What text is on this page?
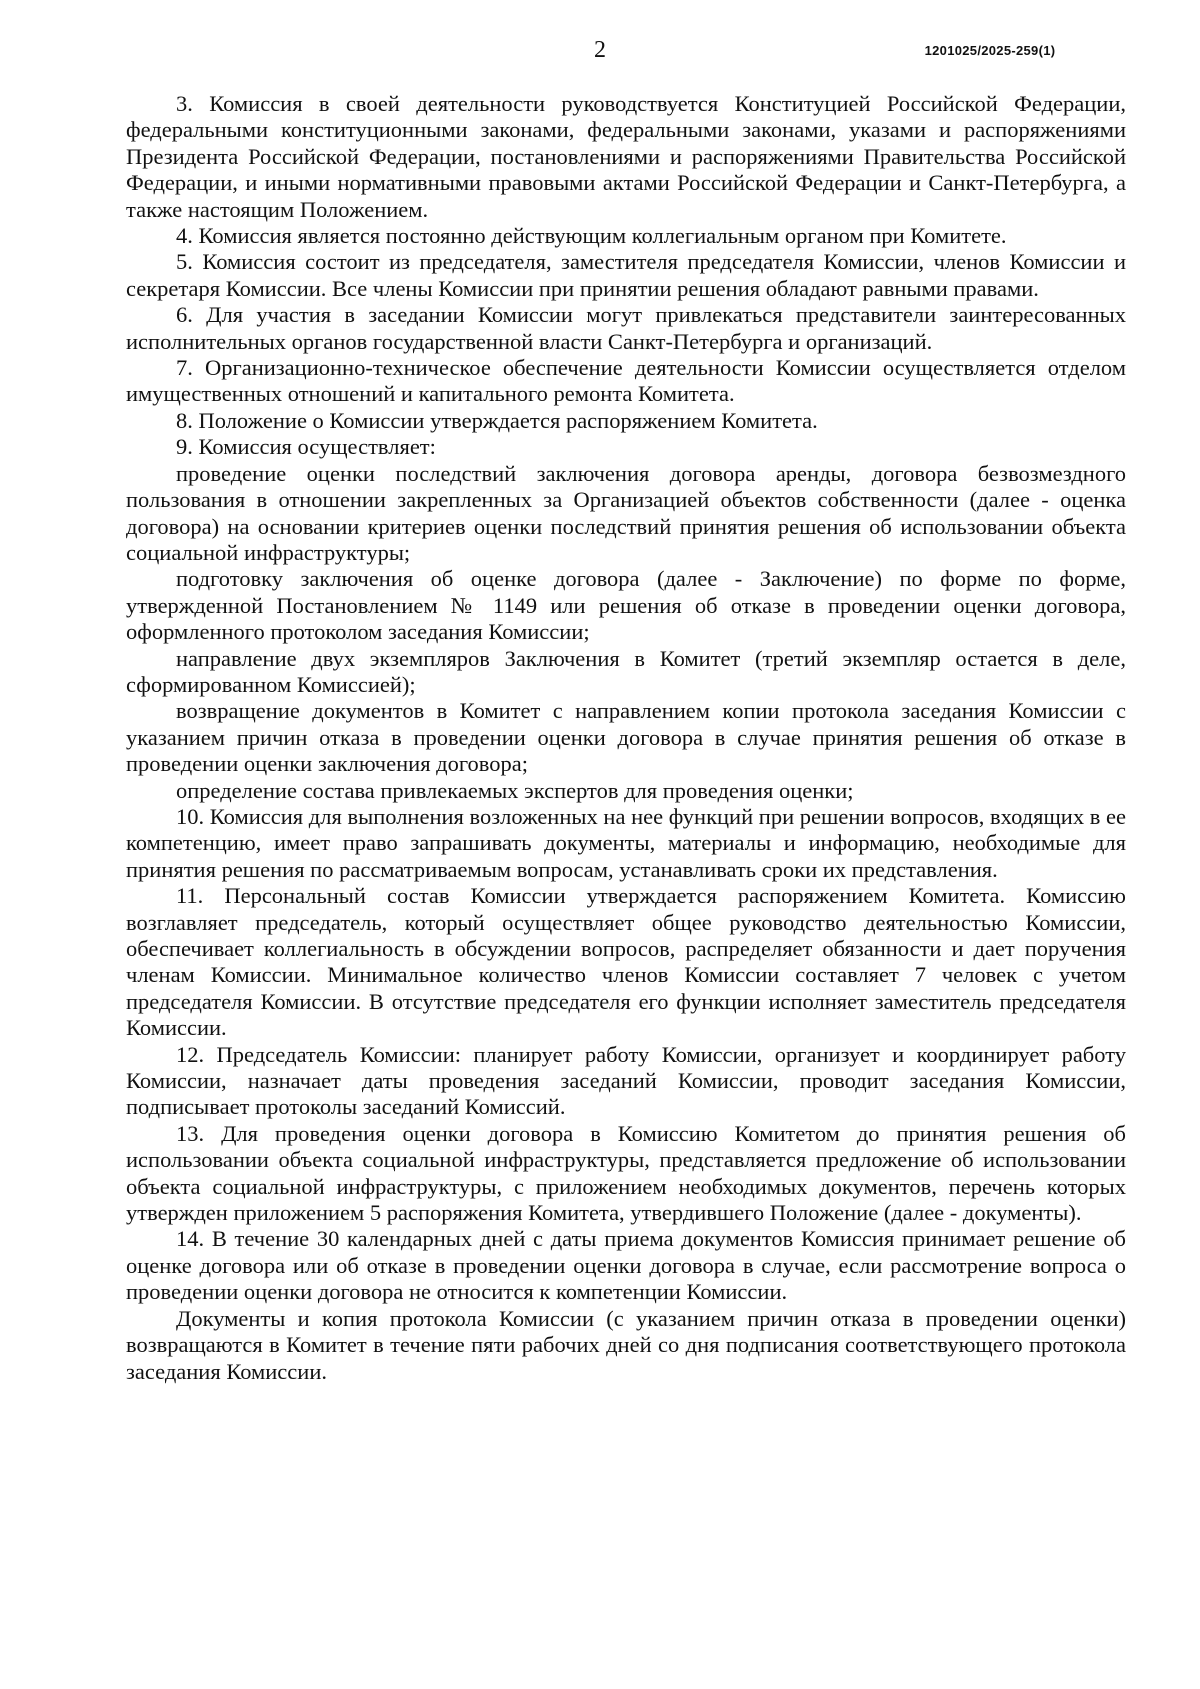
2	1201025/2025-259(1)

3. Комиссия в своей деятельности руководствуется Конституцией Российской Федерации, федеральными конституционными законами, федеральными законами, указами и распоряжениями Президента Российской Федерации, постановлениями и распоряжениями Правительства Российской Федерации, и иными нормативными правовыми актами Российской Федерации и Санкт-Петербурга, а также настоящим Положением.

4. Комиссия является постоянно действующим коллегиальным органом при Комитете.

5. Комиссия состоит из председателя, заместителя председателя Комиссии, членов Комиссии и секретаря Комиссии. Все члены Комиссии при принятии решения обладают равными правами.

6. Для участия в заседании Комиссии могут привлекаться представители заинтересованных исполнительных органов государственной власти Санкт-Петербурга и организаций.

7. Организационно-техническое обеспечение деятельности Комиссии осуществляется отделом имущественных отношений и капитального ремонта Комитета.

8. Положение о Комиссии утверждается распоряжением Комитета.

9. Комиссия осуществляет:

проведение оценки последствий заключения договора аренды, договора безвозмездного пользования в отношении закрепленных за Организацией объектов собственности (далее - оценка договора) на основании критериев оценки последствий принятия решения об использовании объекта социальной инфраструктуры;

подготовку заключения об оценке договора (далее - Заключение) по форме по форме, утвержденной Постановлением № 1149 или решения об отказе в проведении оценки договора, оформленного протоколом заседания Комиссии;

направление двух экземпляров Заключения в Комитет (третий экземпляр остается в деле, сформированном Комиссией);

возвращение документов в Комитет с направлением копии протокола заседания Комиссии с указанием причин отказа в проведении оценки договора в случае принятия решения об отказе в проведении оценки заключения договора;

определение состава привлекаемых экспертов для проведения оценки;

10. Комиссия для выполнения возложенных на нее функций при решении вопросов, входящих в ее компетенцию, имеет право запрашивать документы, материалы и информацию, необходимые для принятия решения по рассматриваемым вопросам, устанавливать сроки их представления.

11. Персональный состав Комиссии утверждается распоряжением Комитета. Комиссию возглавляет председатель, который осуществляет общее руководство деятельностью Комиссии, обеспечивает коллегиальность в обсуждении вопросов, распределяет обязанности и дает поручения членам Комиссии. Минимальное количество членов Комиссии составляет 7 человек с учетом председателя Комиссии. В отсутствие председателя его функции исполняет заместитель председателя Комиссии.

12. Председатель Комиссии: планирует работу Комиссии, организует и координирует работу Комиссии, назначает даты проведения заседаний Комиссии, проводит заседания Комиссии, подписывает протоколы заседаний Комиссий.

13. Для проведения оценки договора в Комиссию Комитетом до принятия решения об использовании объекта социальной инфраструктуры, представляется предложение об использовании объекта социальной инфраструктуры, с приложением необходимых документов, перечень которых утвержден приложением 5 распоряжения Комитета, утвердившего Положение (далее - документы).

14. В течение 30 календарных дней с даты приема документов Комиссия принимает решение об оценке договора или об отказе в проведении оценки договора в случае, если рассмотрение вопроса о проведении оценки договора не относится к компетенции Комиссии.

Документы и копия протокола Комиссии (с указанием причин отказа в проведении оценки) возвращаются в Комитет в течение пяти рабочих дней со дня подписания соответствующего протокола заседания Комиссии.
